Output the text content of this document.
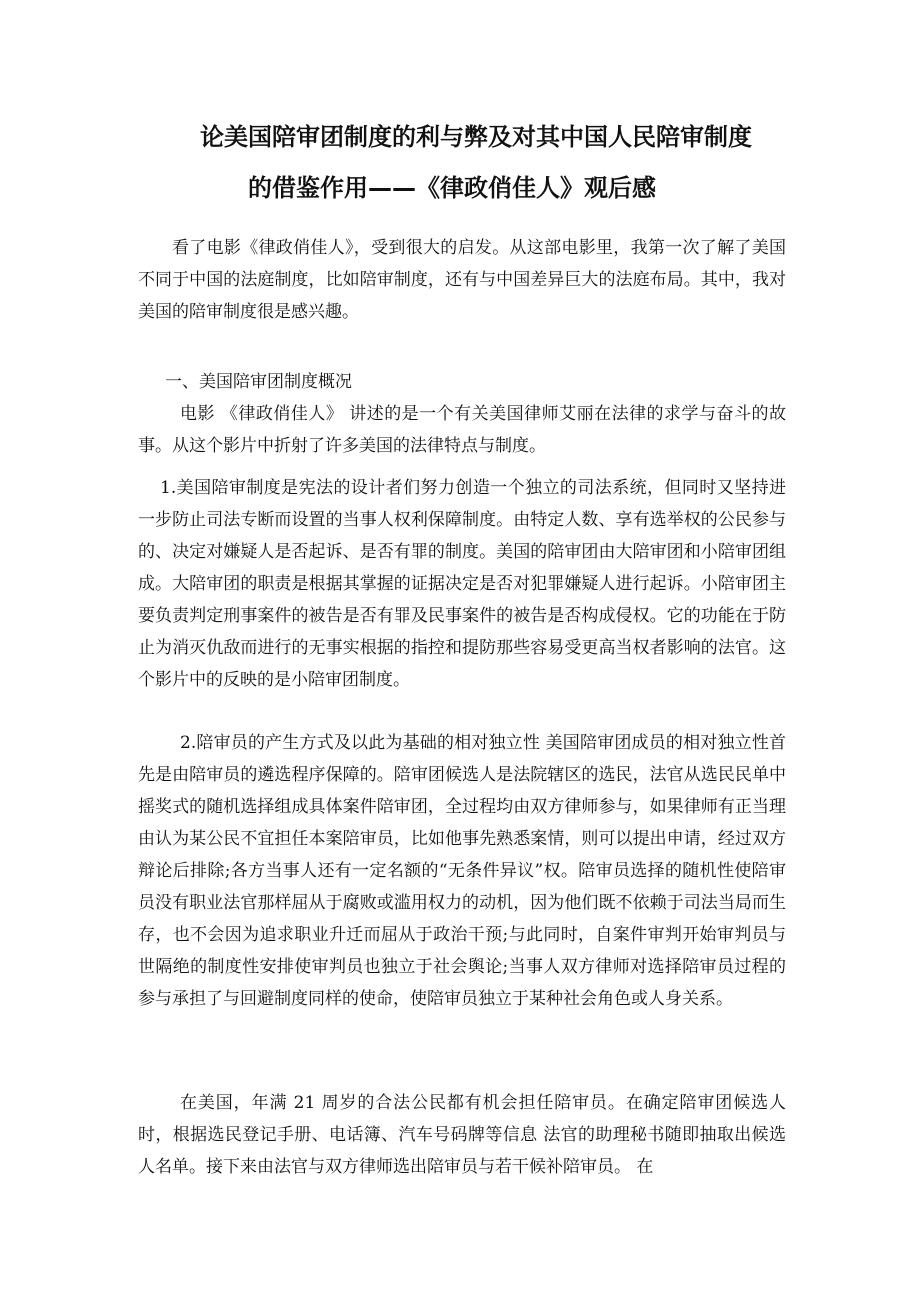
论美国陪审团制度的利与弊及对其中国人民陪审制度
的借鉴作用——《律政俏佳人》观后感

看了电影《律政俏佳人》，受到很大的启发。从这部电影里，我第一次了解了美国不同于中国的法庭制度，比如陪审制度，还有与中国差异巨大的法庭布局。其中，我对美国的陪审制度很是感兴趣。

一、美国陪审团制度概况

电影 《律政俏佳人》 讲述的是一个有关美国律师艾丽在法律的求学与奋斗的故事。从这个影片中折射了许多美国的法律特点与制度。

1.美国陪审制度是宪法的设计者们努力创造一个独立的司法系统，但同时又坚持进一步防止司法专断而设置的当事人权利保障制度。由特定人数、享有选举权的公民参与的、决定对嫌疑人是否起诉、是否有罪的制度。美国的陪审团由大陪审团和小陪审团组成。大陪审团的职责是根据其掌握的证据决定是否对犯罪嫌疑人进行起诉。小陪审团主要负责判定刑事案件的被告是否有罪及民事案件的被告是否构成侵权。它的功能在于防止为消灭仇敌而进行的无事实根据的指控和提防那些容易受更高当权者影响的法官。这个影片中的反映的是小陪审团制度。

2.陪审员的产生方式及以此为基础的相对独立性 美国陪审团成员的相对独立性首先是由陪审员的遴选程序保障的。陪审团候选人是法院辖区的选民，法官从选民民单中摇奖式的随机选择组成具体案件陪审团，全过程均由双方律师参与，如果律师有正当理由认为某公民不宜担任本案陪审员，比如他事先熟悉案情，则可以提出申请，经过双方辩论后排除;各方当事人还有一定名额的“无条件异议”权。陪审员选择的随机性使陪审员没有职业法官那样屈从于腐败或滥用权力的动机，因为他们既不依赖于司法当局而生存，也不会因为追求职业升迁而屈从于政治干预;与此同时，自案件审判开始审判员与世隔绝的制度性安排使审判员也独立于社会舆论;当事人双方律师对选择陪审员过程的参与承担了与回避制度同样的使命，使陪审员独立于某种社会角色或人身关系。

在美国，年满 21 周岁的合法公民都有机会担任陪审员。在确定陪审团候选人时，根据选民登记手册、电话簿、汽车号码牌等信息 法官的助理秘书随即抽取出候选人名单。接下来由法官与双方律师选出陪审员与若干候补陪审员。 在
